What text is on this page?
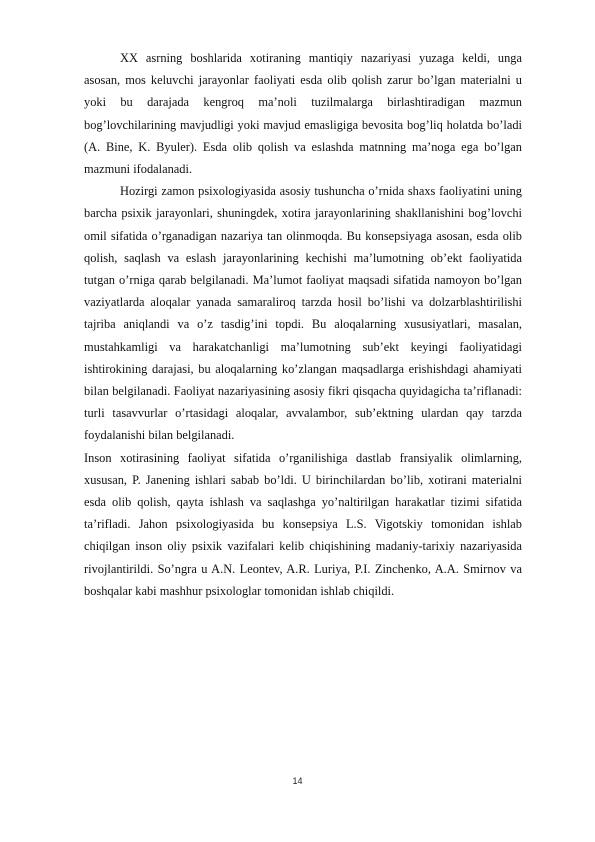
XX asrning boshlarida xotiraning mantiqiy nazariyasi yuzaga keldi, unga asosan, mos keluvchi jarayonlar faoliyati esda olib qolish zarur bo’lgan materialni u yoki bu darajada kengroq ma’noli tuzilmalarga birlashtiradigan mazmun bog’lovchilarining mavjudligi yoki mavjud emasligiga bevosita bog’liq holatda bo’ladi (A. Bine, K. Byuler). Esda olib qolish va eslashda matnning ma’noga ega bo’lgan mazmuni ifodalanadi.

Hozirgi zamon psixologiyasida asosiy tushuncha o’rnida shaxs faoliyatini uning barcha psixik jarayonlari, shuningdek, xotira jarayonlarining shakllanishini bog’lovchi omil sifatida o’rganadigan nazariya tan olinmoqda. Bu konsepsiyaga asosan, esda olib qolish, saqlash va eslash jarayonlarining kechishi ma’lumotning ob’ekt faoliyatida tutgan o’rniga qarab belgilanadi. Ma’lumot faoliyat maqsadi sifatida namoyon bo’lgan vaziyatlarda aloqalar yanada samaraliroq tarzda hosil bo’lishi va dolzarblashtirilishi tajriba aniqlandi va o’z tasdig’ini topdi. Bu aloqalarning xususiyatlari, masalan, mustahkamligi va harakatchanligi ma’lumotning sub’ekt keyingi faoliyatidagi ishtirokining darajasi, bu aloqalarning ko’zlangan maqsadlarga erishishdagi ahamiyati bilan belgilanadi. Faoliyat nazariyasining asosiy fikri qisqacha quyidagicha ta’riflanadi: turli tasavvurlar o’rtasidagi aloqalar, avvalambor, sub’ektning ulardan qay tarzda foydalanishi bilan belgilanadi.

Inson xotirasining faoliyat sifatida o’rganilishiga dastlab fransiyalik olimlarning, xususan, P. Janening ishlari sabab bo’ldi. U birinchilardan bo’lib, xotirani materialni esda olib qolish, qayta ishlash va saqlashga yo’naltirilgan harakatlar tizimi sifatida ta’rifladi. Jahon psixologiyasida bu konsepsiya L.S. Vigotskiy tomonidan ishlab chiqilgan inson oliy psixik vazifalari kelib chiqishining madaniy-tarixiy nazariyasida rivojlantirildi. So’ngra u A.N. Leontev, A.R. Luriya, P.I. Zinchenko, A.A. Smirnov va boshqalar kabi mashhur psixologlar tomonidan ishlab chiqildi.

14
